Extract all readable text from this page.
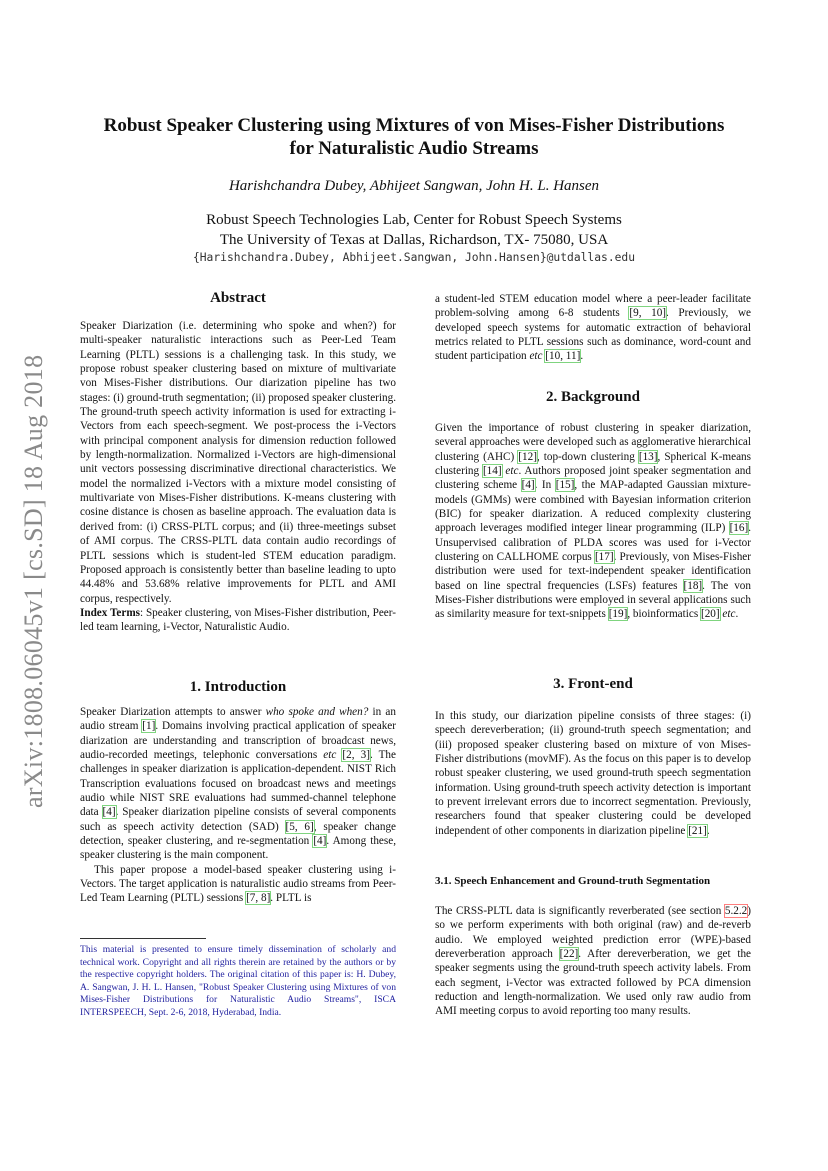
arXiv:1808.06045v1 [cs.SD] 18 Aug 2018
Robust Speaker Clustering using Mixtures of von Mises-Fisher Distributions
for Naturalistic Audio Streams
Harishchandra Dubey, Abhijeet Sangwan, John H. L. Hansen
Robust Speech Technologies Lab, Center for Robust Speech Systems
The University of Texas at Dallas, Richardson, TX- 75080, USA
{Harishchandra.Dubey, Abhijeet.Sangwan, John.Hansen}@utdallas.edu
Abstract

Speaker Diarization (i.e. determining who spoke and when?) for multi-speaker naturalistic interactions such as Peer-Led Team Learning (PLTL) sessions is a challenging task. In this study, we propose robust speaker clustering based on mixture of multivariate von Mises-Fisher distributions. Our diarization pipeline has two stages: (i) ground-truth segmentation; (ii) proposed speaker clustering. The ground-truth speech activity information is used for extracting i-Vectors from each speech-segment. We post-process the i-Vectors with principal component analysis for dimension reduction followed by length-normalization. Normalized i-Vectors are high-dimensional unit vectors possessing discriminative directional characteristics. We model the normalized i-Vectors with a mixture model consisting of multivariate von Mises-Fisher distributions. K-means clustering with cosine distance is chosen as baseline approach. The evaluation data is derived from: (i) CRSS-PLTL corpus; and (ii) three-meetings subset of AMI corpus. The CRSS-PLTL data contain audio recordings of PLTL sessions which is student-led STEM education paradigm. Proposed approach is consistently better than baseline leading to upto 44.48% and 53.68% relative improvements for PLTL and AMI corpus, respectively.

Index Terms: Speaker clustering, von Mises-Fisher distribution, Peer-led team learning, i-Vector, Naturalistic Audio.

1. Introduction

Speaker Diarization attempts to answer who spoke and when? in an audio stream [1]. Domains involving practical application of speaker diarization are understanding and transcription of broadcast news, audio-recorded meetings, telephonic conversations etc [2, 3]. The challenges in speaker diarization is application-dependent. NIST Rich Transcription evaluations focused on broadcast news and meetings audio while NIST SRE evaluations had summed-channel telephone data [4]. Speaker diarization pipeline consists of several components such as speech activity detection (SAD) [5, 6], speaker change detection, speaker clustering, and re-segmentation [4]. Among these, speaker clustering is the main component.

This paper propose a model-based speaker clustering using i-Vectors. The target application is naturalistic audio streams from Peer-Led Team Learning (PLTL) sessions [7, 8]. PLTL is

This material is presented to ensure timely dissemination of scholarly and technical work. Copyright and all rights therein are retained by the authors or by the respective copyright holders. The original citation of this paper is: H. Dubey, A. Sangwan, J. H. L. Hansen, "Robust Speaker Clustering using Mixtures of von Mises-Fisher Distributions for Naturalistic Audio Streams", ISCA INTERSPEECH, Sept. 2-6, 2018, Hyderabad, India.

a student-led STEM education model where a peer-leader facilitate problem-solving among 6-8 students [9, 10]. Previously, we developed speech systems for automatic extraction of behavioral metrics related to PLTL sessions such as dominance, word-count and student participation etc [10, 11].

2. Background

Given the importance of robust clustering in speaker diarization, several approaches were developed such as agglomerative hierarchical clustering (AHC) [12], top-down clustering [13], Spherical K-means clustering [14] etc. Authors proposed joint speaker segmentation and clustering scheme [4]. In [15], the MAP-adapted Gaussian mixture-models (GMMs) were combined with Bayesian information criterion (BIC) for speaker diarization. A reduced complexity clustering approach leverages modified integer linear programming (ILP) [16]. Unsupervised calibration of PLDA scores was used for i-Vector clustering on CALLHOME corpus [17]. Previously, von Mises-Fisher distribution were used for text-independent speaker identification based on line spectral frequencies (LSFs) features [18]. The von Mises-Fisher distributions were employed in several applications such as similarity measure for text-snippets [19], bioinformatics [20] etc.

3. Front-end

In this study, our diarization pipeline consists of three stages: (i) speech dereverberation; (ii) ground-truth speech segmentation; and (iii) proposed speaker clustering based on mixture of von Mises-Fisher distributions (movMF). As the focus on this paper is to develop robust speaker clustering, we used ground-truth speech segmentation information. Using ground-truth speech activity detection is important to prevent irrelevant errors due to incorrect segmentation. Previously, researchers found that speaker clustering could be developed independent of other components in diarization pipeline [21].

3.1. Speech Enhancement and Ground-truth Segmentation

The CRSS-PLTL data is significantly reverberated (see section 5.2.2) so we perform experiments with both original (raw) and de-reverb audio. We employed weighted prediction error (WPE)-based dereverberation approach [22]. After dereverberation, we get the speaker segments using the ground-truth speech activity labels. From each segment, i-Vector was extracted followed by PCA dimension reduction and length-normalization. We used only raw audio from AMI meeting corpus to avoid reporting too many results.
